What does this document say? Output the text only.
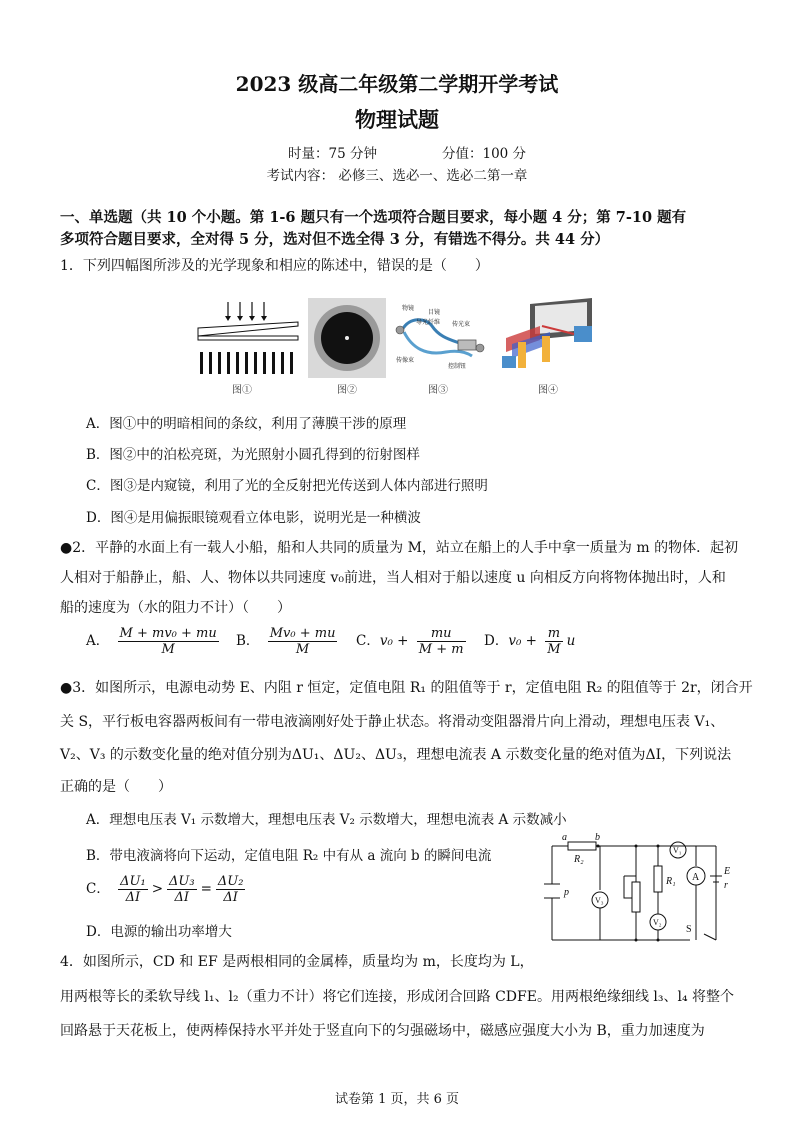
2023 级高二年级第二学期开学考试
物理试题
时量：75 分钟	分值：100 分
考试内容： 必修三、选必一、选必二第一章
一、单选题（共 10 个小题。第 1-6 题只有一个选项符合题目要求，每小题 4 分；第 7-10 题有
多项符合题目要求，全对得 5 分，选对但不选全得 3 分，有错选不得分。共 44 分）
1．下列四幅图所涉及的光学现象和相应的陈述中，错误的是（　　）
物镜
目镜
导光纤维 传光束
传像束
控制钮
图①	图②	图③	图④
A．图①中的明暗相间的条纹，利用了薄膜干涉的原理
B．图②中的泊松亮斑，为光照射小圆孔得到的衍射图样
C．图③是内窥镜，利用了光的全反射把光传送到人体内部进行照明
D．图④是用偏振眼镜观看立体电影，说明光是一种横波
●2．平静的水面上有一载人小船，船和人共同的质量为 M，站立在船上的人手中拿一质量为 m 的物体．起初
人相对于船静止，船、人、物体以共同速度 v₀前进，当人相对于船以速度 u 向相反方向将物体抛出时，人和
船的速度为（水的阻力不计）（　　）
A． $\frac{\text{M + mv₀ + mu}}{M}$ B． $\frac{\text{Mv₀ + mu}}{M}$ C．$v_0 + \frac{mu}{M + m}$ D．$v_0 + \frac{m}{M}$ u
●3．如图所示，电源电动势 E、内阻 r 恒定，定值电阻 R₁ 的阻值等于 r，定值电阻 R₂ 的阻值等于 2r，闭合开
关 S，平行板电容器两板间有一带电液滴刚好处于静止状态。将滑动变阻器滑片向上滑动，理想电压表 V₁、
V₂、V₃ 的示数变化量的绝对值分别为ΔU₁、ΔU₂、ΔU₃，理想电流表 A 示数变化量的绝对值为ΔI，下列说法
正确的是（　　）
A．理想电压表 V₁ 示数增大，理想电压表 V₂ 示数增大，理想电流表 A 示数减小
B．带电液滴将向下运动，定值电阻 R₂ 中有从 a 流向 b 的瞬间电流
C． $\frac{\text{ΔU₁}}{\Delta I} > \frac{\text{ΔU₃}}{\Delta I} = \frac{\text{ΔU₂}}{\Delta I}$
D．电源的输出功率增大
a	b
R₂
V₁
R₁ A
E
r
p
V₃
V₂
S
4．如图所示，CD 和 EF 是两根相同的金属棒，质量均为 m，长度均为 L，
用两根等长的柔软导线 l₁、l₂（重力不计）将它们连接，形成闭合回路 CDFE。用两根绝缘细线 l₃、l₄ 将整个
回路悬于天花板上，使两棒保持水平并处于竖直向下的匀强磁场中，磁感应强度大小为 B，重力加速度为
试卷第 1 页，共 6 页
